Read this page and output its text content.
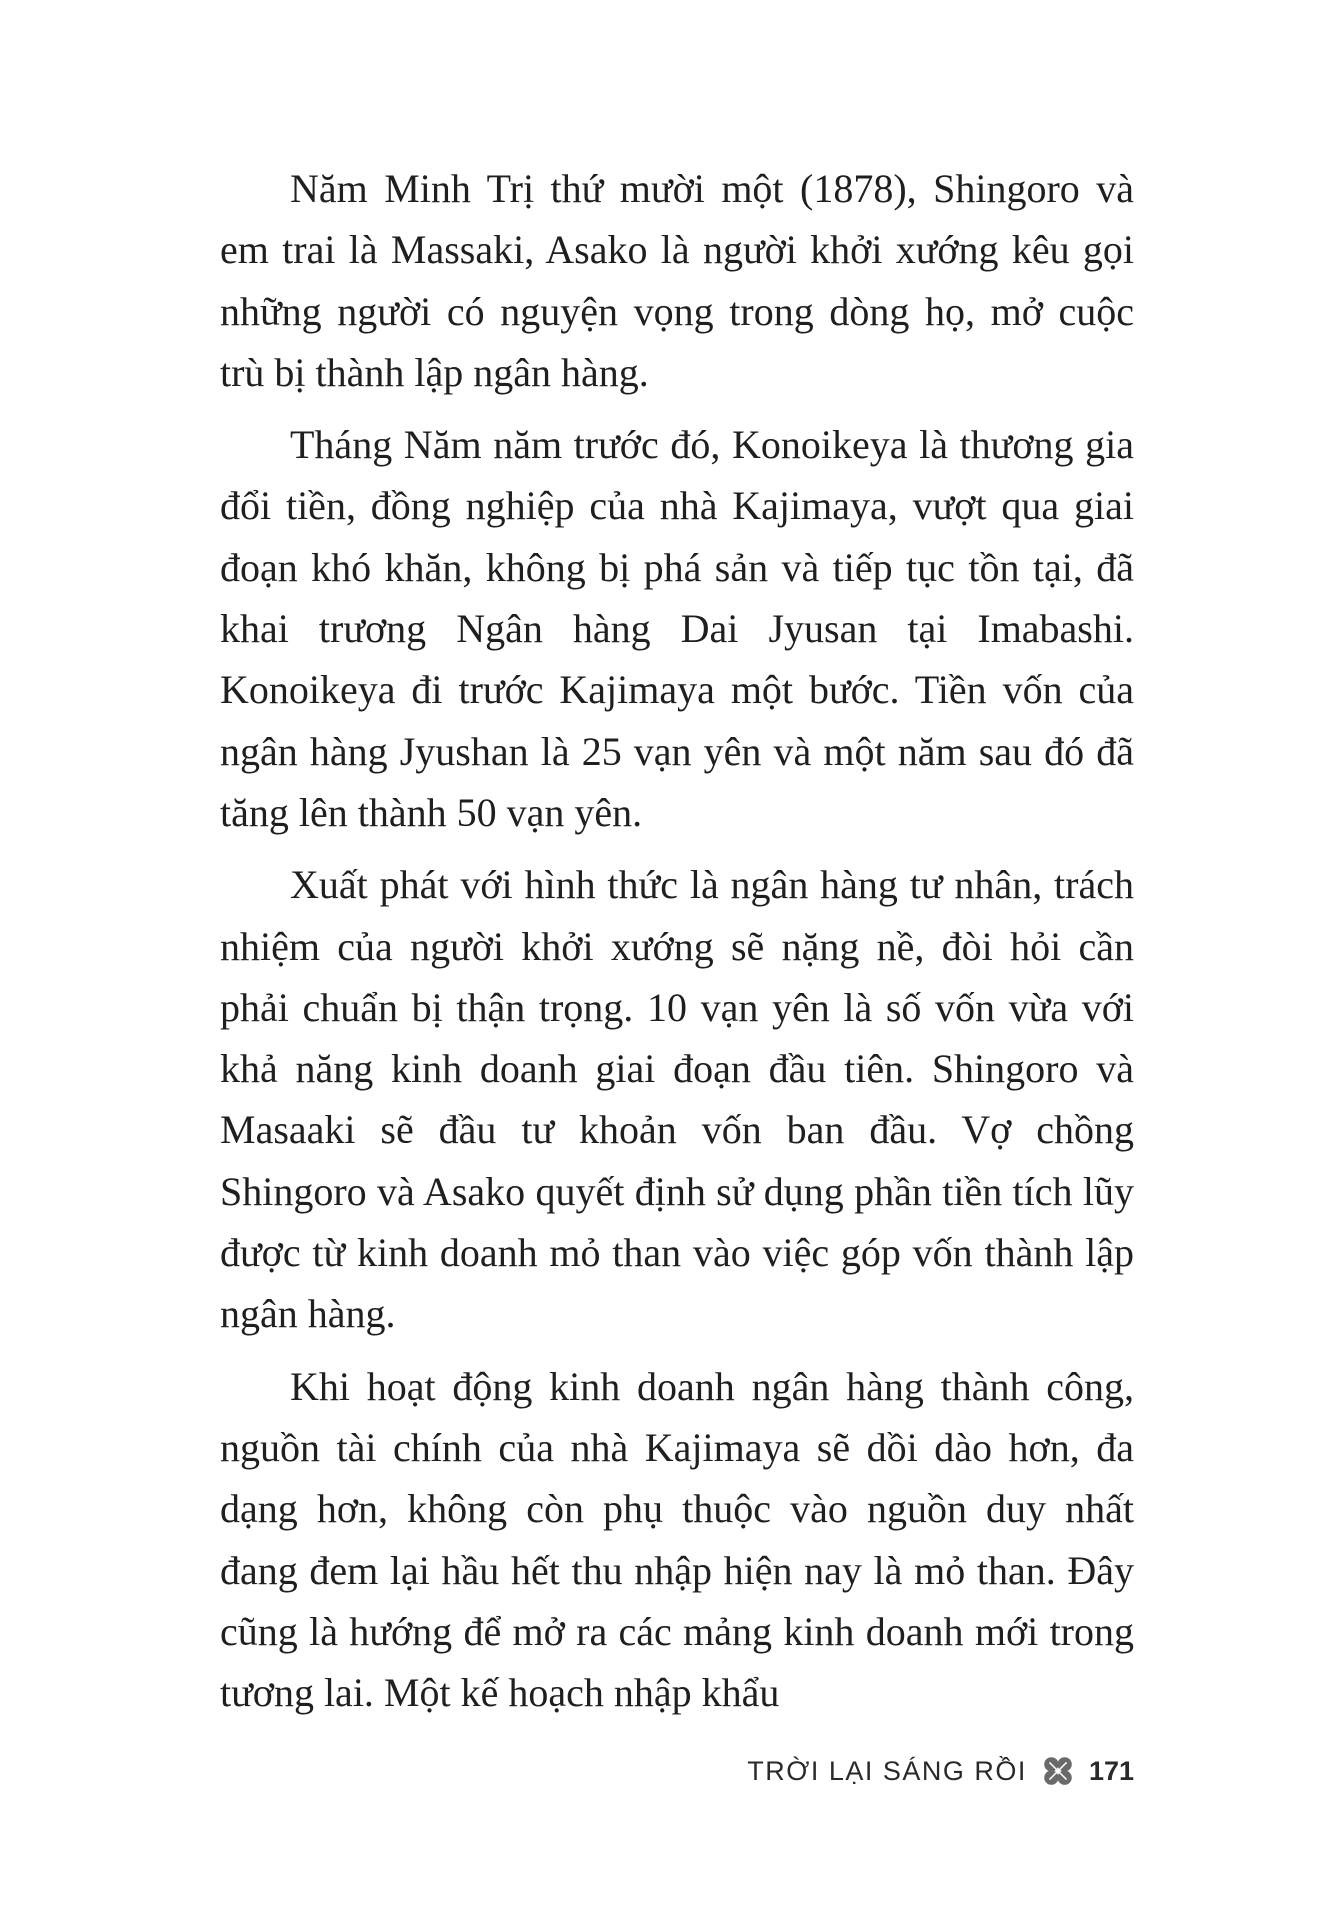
Năm Minh Trị thứ mười một (1878), Shingoro và em trai là Massaki, Asako là người khởi xướng kêu gọi những người có nguyện vọng trong dòng họ, mở cuộc trù bị thành lập ngân hàng.

Tháng Năm năm trước đó, Konoikeya là thương gia đổi tiền, đồng nghiệp của nhà Kajimaya, vượt qua giai đoạn khó khăn, không bị phá sản và tiếp tục tồn tại, đã khai trương Ngân hàng Dai Jyusan tại Imabashi. Konoikeya đi trước Kajimaya một bước. Tiền vốn của ngân hàng Jyushan là 25 vạn yên và một năm sau đó đã tăng lên thành 50 vạn yên.

Xuất phát với hình thức là ngân hàng tư nhân, trách nhiệm của người khởi xướng sẽ nặng nề, đòi hỏi cần phải chuẩn bị thận trọng. 10 vạn yên là số vốn vừa với khả năng kinh doanh giai đoạn đầu tiên. Shingoro và Masaaki sẽ đầu tư khoản vốn ban đầu. Vợ chồng Shingoro và Asako quyết định sử dụng phần tiền tích lũy được từ kinh doanh mỏ than vào việc góp vốn thành lập ngân hàng.

Khi hoạt động kinh doanh ngân hàng thành công, nguồn tài chính của nhà Kajimaya sẽ dồi dào hơn, đa dạng hơn, không còn phụ thuộc vào nguồn duy nhất đang đem lại hầu hết thu nhập hiện nay là mỏ than. Đây cũng là hướng để mở ra các mảng kinh doanh mới trong tương lai. Một kế hoạch nhập khẩu

TRỜI LẠI SÁNG RỒI 171
